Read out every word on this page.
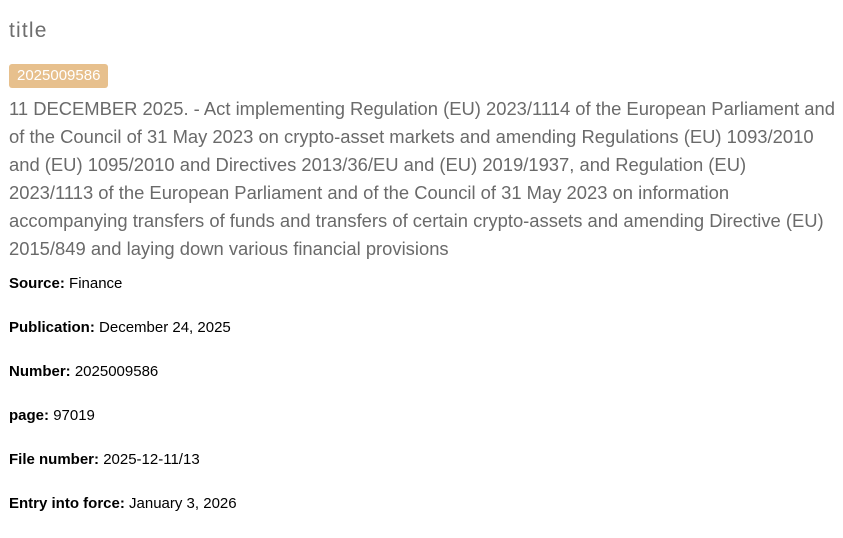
title
2025009586

11 DECEMBER 2025. - Act implementing Regulation (EU) 2023/1114 of the European Parliament and of the Council of 31 May 2023 on crypto-asset markets and amending Regulations (EU) 1093/2010 and (EU) 1095/2010 and Directives 2013/36/EU and (EU) 2019/1937, and Regulation (EU) 2023/1113 of the European Parliament and of the Council of 31 May 2023 on information accompanying transfers of funds and transfers of certain crypto-assets and amending Directive (EU) 2015/849 and laying down various financial provisions

Source: Finance
Publication: December 24, 2025
Number: 2025009586
page: 97019
File number: 2025-12-11/13
Entry into force: January 3, 2026
